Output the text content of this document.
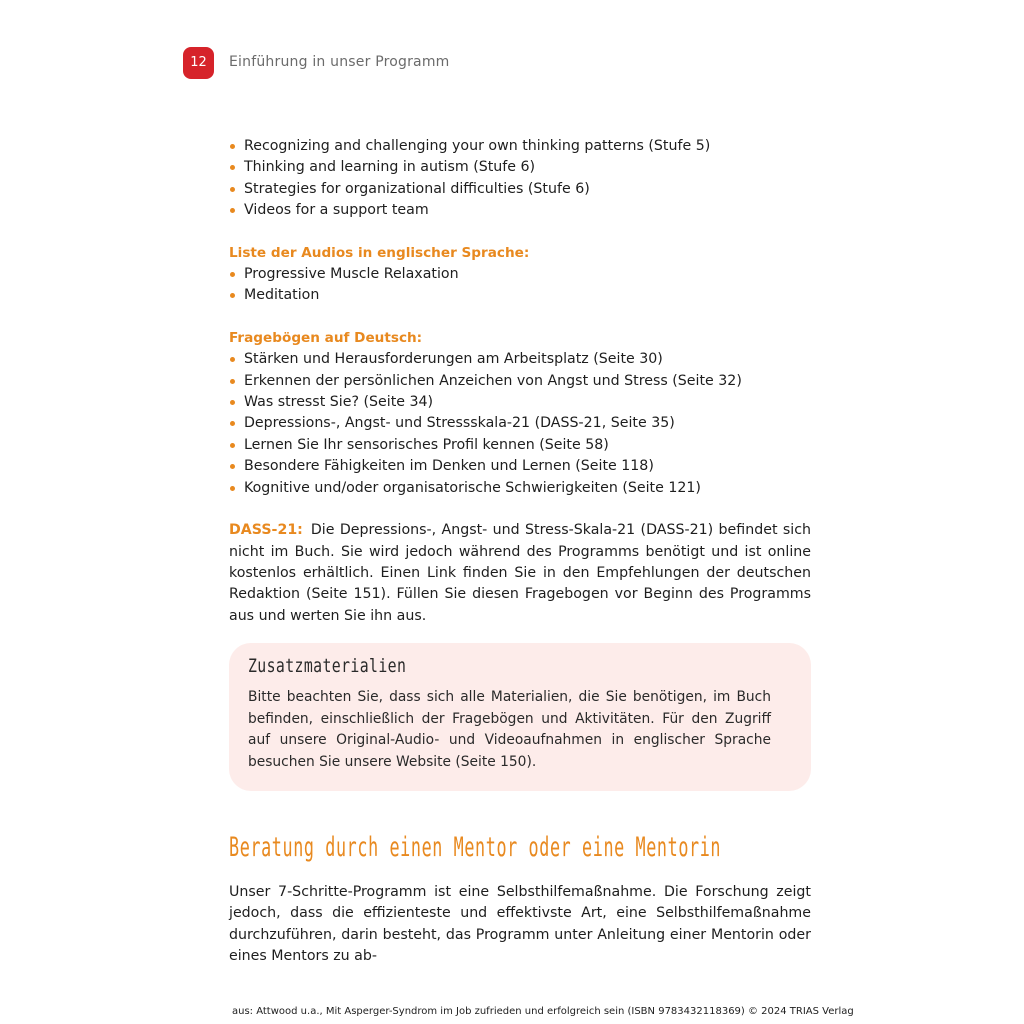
12	Einführung in unser Programm
Recognizing and challenging your own thinking patterns (Stufe 5)
Thinking and learning in autism (Stufe 6)
Strategies for organizational difficulties (Stufe 6)
Videos for a support team
Liste der Audios in englischer Sprache:
Progressive Muscle Relaxation
Meditation
Fragebögen auf Deutsch:
Stärken und Herausforderungen am Arbeitsplatz (Seite 30)
Erkennen der persönlichen Anzeichen von Angst und Stress (Seite 32)
Was stresst Sie? (Seite 34)
Depressions-, Angst- und Stressskala-21 (DASS-21, Seite 35)
Lernen Sie Ihr sensorisches Profil kennen (Seite 58)
Besondere Fähigkeiten im Denken und Lernen (Seite 118)
Kognitive und/oder organisatorische Schwierigkeiten (Seite 121)

DASS-21: Die Depressions-, Angst- und Stress-Skala-21 (DASS-21) befindet sich nicht im Buch. Sie wird jedoch während des Programms benötigt und ist online kostenlos erhältlich. Einen Link finden Sie in den Empfehlungen der deutschen Redaktion (Seite 151). Füllen Sie diesen Fragebogen vor Beginn des Programms aus und werten Sie ihn aus.

Zusatzmaterialien
Bitte beachten Sie, dass sich alle Materialien, die Sie benötigen, im Buch befinden, einschließlich der Fragebögen und Aktivitäten. Für den Zugriff auf unsere Original-Audio- und Videoaufnahmen in englischer Sprache besuchen Sie unsere Website (Seite 150).
Beratung durch einen Mentor oder eine Mentorin
Unser 7-Schritte-Programm ist eine Selbsthilfemaßnahme. Die Forschung zeigt jedoch, dass die effizienteste und effektivste Art, eine Selbsthilfemaßnahme durchzuführen, darin besteht, das Programm unter Anleitung einer Mentorin oder eines Mentors zu ab-
aus: Attwood u.a., Mit Asperger-Syndrom im Job zufrieden und erfolgreich sein (ISBN 9783432118369) © 2024 TRIAS Verlag
